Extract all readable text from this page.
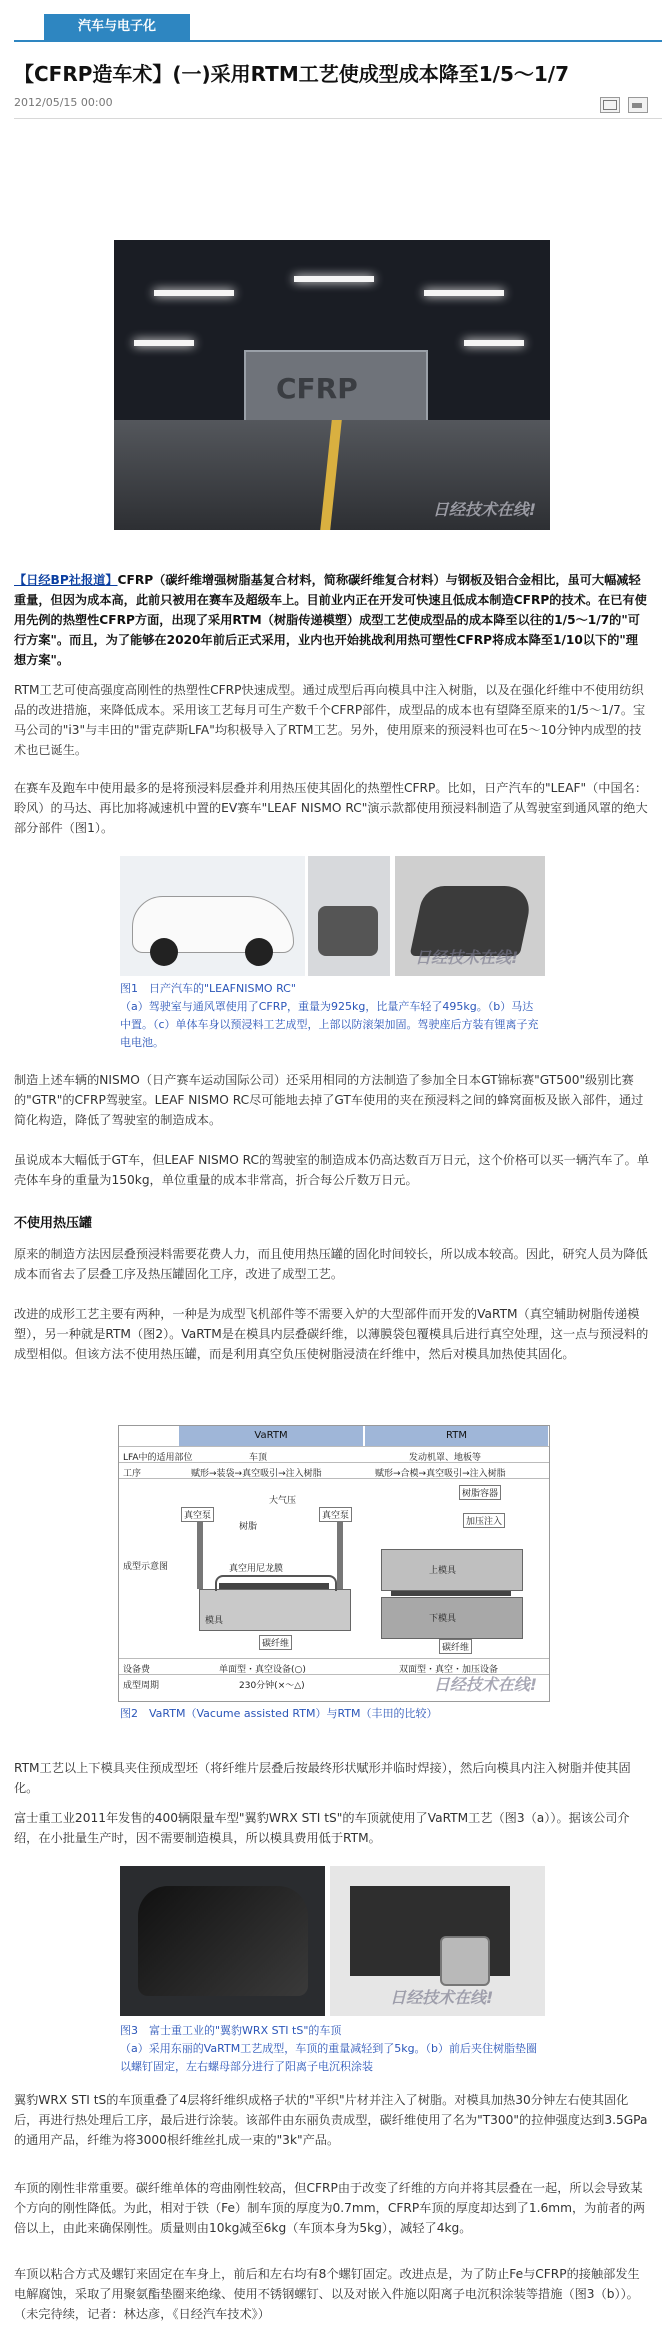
汽车与电子化
【CFRP造车术】(一)采用RTM工艺使成型成本降至1/5～1/7
2012/05/15 00:00
CFRP
日经技术在线!
【日经BP社报道】CFRP（碳纤维增强树脂基复合材料，简称碳纤维复合材料）与钢板及铝合金相比，虽可大幅减轻重量，但因为成本高，此前只被用在赛车及超级车上。目前业内正在开发可快速且低成本制造CFRP的技术。在已有使用先例的热塑性CFRP方面，出现了采用RTM（树脂传递模塑）成型工艺使成型品的成本降至以往的1/5～1/7的"可行方案"。而且，为了能够在2020年前后正式采用，业内也开始挑战利用热可塑性CFRP将成本降至1/10以下的"理想方案"。
RTM工艺可使高强度高刚性的热塑性CFRP快速成型。通过成型后再向模具中注入树脂，以及在强化纤维中不使用纺织品的改进措施，来降低成本。采用该工艺每月可生产数千个CFRP部件，成型品的成本也有望降至原来的1/5～1/7。宝马公司的"i3"与丰田的"雷克萨斯LFA"均积极导入了RTM工艺。另外，使用原来的预浸料也可在5～10分钟内成型的技术也已诞生。
在赛车及跑车中使用最多的是将预浸料层叠并利用热压使其固化的热塑性CFRP。比如，日产汽车的"LEAF"（中国名：聆风）的马达、再比加将减速机中置的EV赛车"LEAF NISMO RC"演示款都使用预浸料制造了从驾驶室到通风罩的绝大部分部件（图1）。
日经技术在线!
图1　日产汽车的"LEAFNISMO RC"
（a）驾驶室与通风罩使用了CFRP，重量为925kg，比量产车轻了495kg。（b）马达中置。（c）单体车身以预浸料工艺成型，上部以防滚架加固。驾驶座后方装有锂离子充电电池。
制造上述车辆的NISMO（日产赛车运动国际公司）还采用相同的方法制造了参加全日本GT锦标赛"GT500"级别比赛的"GTR"的CFRP驾驶室。LEAF NISMO RC尽可能地去掉了GT车使用的夹在预浸料之间的蜂窝面板及嵌入部件，通过简化构造，降低了驾驶室的制造成本。
虽说成本大幅低于GT车，但LEAF NISMO RC的驾驶室的制造成本仍高达数百万日元，这个价格可以买一辆汽车了。单壳体车身的重量为150kg，单位重量的成本非常高，折合每公斤数万日元。
不使用热压罐
原来的制造方法因层叠预浸料需要花费人力，而且使用热压罐的固化时间较长，所以成本较高。因此，研究人员为降低成本而省去了层叠工序及热压罐固化工序，改进了成型工艺。
改进的成形工艺主要有两种，一种是为成型飞机部件等不需要入炉的大型部件而开发的VaRTM（真空辅助树脂传递模塑），另一种就是RTM（图2）。VaRTM是在模具内层叠碳纤维，以薄膜袋包覆模具后进行真空处理，这一点与预浸料的成型相似。但该方法不使用热压罐，而是利用真空负压使树脂浸渍在纤维中，然后对模具加热使其固化。
VaRTM	RTM
LFA中的适用部位	车顶	发动机罩、地板等
工序	赋形→装袋→真空吸引→注入树脂	赋形→合模→真空吸引→注入树脂
成型示意图
真空泵
大气压
树脂
真空泵
真空用尼龙膜
模具
碳纤维
树脂容器
加压注入
上模具
下模具
碳纤维
设备费	单面型・真空设备(○)	双面型・真空・加压设备
成型周期	230分钟(×～△)	日经技术在线!
图2　VaRTM（Vacume assisted RTM）与RTM（丰田的比较）
RTM工艺以上下模具夹住预成型坯（将纤维片层叠后按最终形状赋形并临时焊接），然后向模具内注入树脂并使其固化。
富士重工业2011年发售的400辆限量车型"翼豹WRX STI tS"的车顶就使用了VaRTM工艺（图3（a））。据该公司介绍，在小批量生产时，因不需要制造模具，所以模具费用低于RTM。
日经技术在线!
图3　富士重工业的"翼豹WRX STI tS"的车顶
（a）采用东丽的VaRTM工艺成型，车顶的重量减轻到了5kg。（b）前后夹住树脂垫圈以螺钉固定，左右螺母部分进行了阳离子电沉积涂装
翼豹WRX STI tS的车顶重叠了4层将纤维织成格子状的"平织"片材并注入了树脂。对模具加热30分钟左右使其固化后，再进行热处理后工序，最后进行涂装。该部件由东丽负责成型，碳纤维使用了名为"T300"的拉伸强度达到3.5GPa的通用产品，纤维为将3000根纤维丝扎成一束的"3k"产品。
车顶的刚性非常重要。碳纤维单体的弯曲刚性较高，但CFRP由于改变了纤维的方向并将其层叠在一起，所以会导致某个方向的刚性降低。为此，相对于铁（Fe）制车顶的厚度为0.7mm，CFRP车顶的厚度却达到了1.6mm，为前者的两倍以上，由此来确保刚性。质量则由10kg减至6kg（车顶本身为5kg），减轻了4kg。
车顶以粘合方式及螺钉来固定在车身上，前后和左右均有8个螺钉固定。改进点是，为了防止Fe与CFRP的接触部发生电解腐蚀，采取了用聚氨酯垫圈来绝缘、使用不锈钢螺钉、以及对嵌入件施以阳离子电沉积涂装等措施（图3（b））。（未完待续，记者：林达彦，《日经汽车技术》）
